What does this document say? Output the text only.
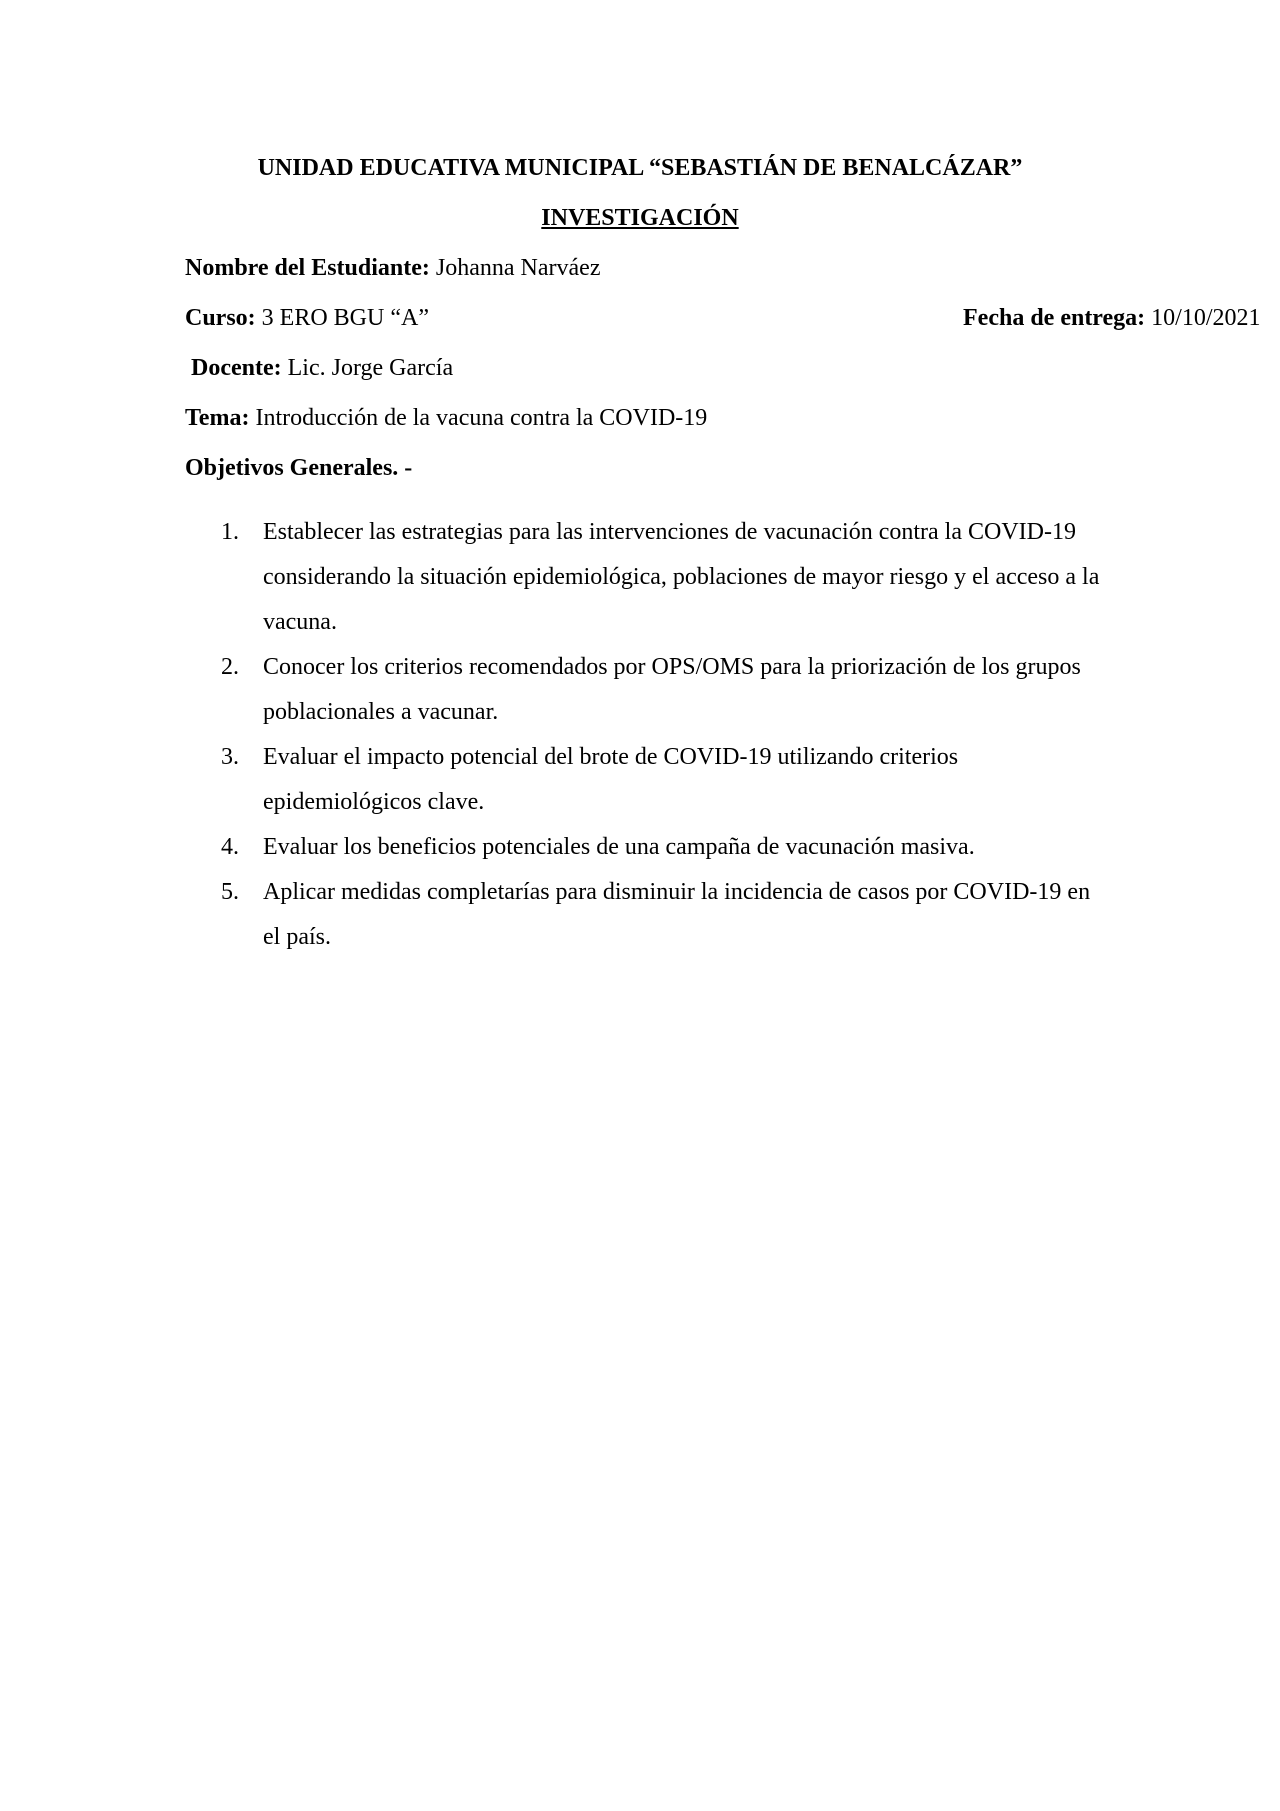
UNIDAD EDUCATIVA MUNICIPAL “SEBASTIÁN DE BENALCÁZAR”
INVESTIGACIÓN
Nombre del Estudiante: Johanna Narváez
Curso: 3 ERO BGU “A”	Fecha de entrega: 10/10/2021
Docente: Lic. Jorge García
Tema: Introducción de la vacuna contra la COVID-19
Objetivos Generales. -
1.	Establecer las estrategias para las intervenciones de vacunación contra la COVID-19 considerando la situación epidemiológica, poblaciones de mayor riesgo y el acceso a la vacuna.
2.	Conocer los criterios recomendados por OPS/OMS para la priorización de los grupos poblacionales a vacunar.
3.	Evaluar el impacto potencial del brote de COVID-19 utilizando criterios epidemiológicos clave.
4.	Evaluar los beneficios potenciales de una campaña de vacunación masiva.
5.	Aplicar medidas completarías para disminuir la incidencia de casos por COVID-19 en el país.
